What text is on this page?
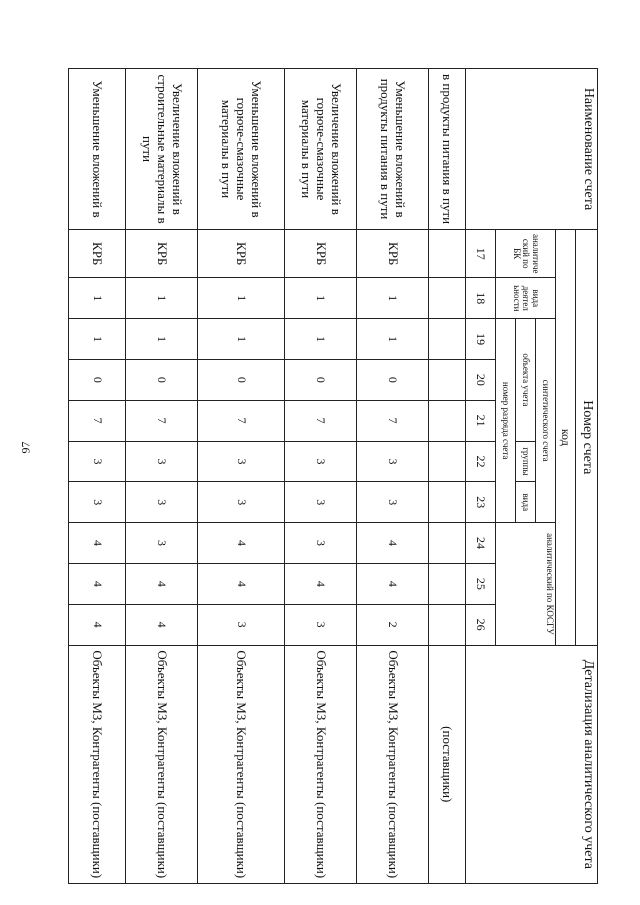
97
Наименование счета	Номер счета										Детализация аналитического учета
	код										
	аналитиче ский по БК	вида деятел ьности	синтетического счета					аналитический по КОСГУ			
			объекта учета			группы	вида				
			номер разряда счета								
	17	18	19	20	21	22	23	24	25	26	
в продукты питания в пути											(поставщики)
Уменьшение вложений в продукты питания в пути	КРБ	1	1	0	7	3	3	4	4	2	Объекты МЗ, Контрагенты (поставщики)
Увеличение вложений в горюче-смазочные материалы в пути	КРБ	1	1	0	7	3	3	3	4	3	Объекты МЗ, Контрагенты (поставщики)
Уменьшение вложений в горюче-смазочные материалы в пути	КРБ	1	1	0	7	3	3	4	4	3	Объекты МЗ, Контрагенты (поставщики)
Увеличение вложений в строительные материалы в пути	КРБ	1	1	0	7	3	3	3	4	4	Объекты МЗ, Контрагенты (поставщики)
Уменьшение вложений в	КРБ	1	1	0	7	3	3	4	4	4	Объекты МЗ, Контрагенты (поставщики)
